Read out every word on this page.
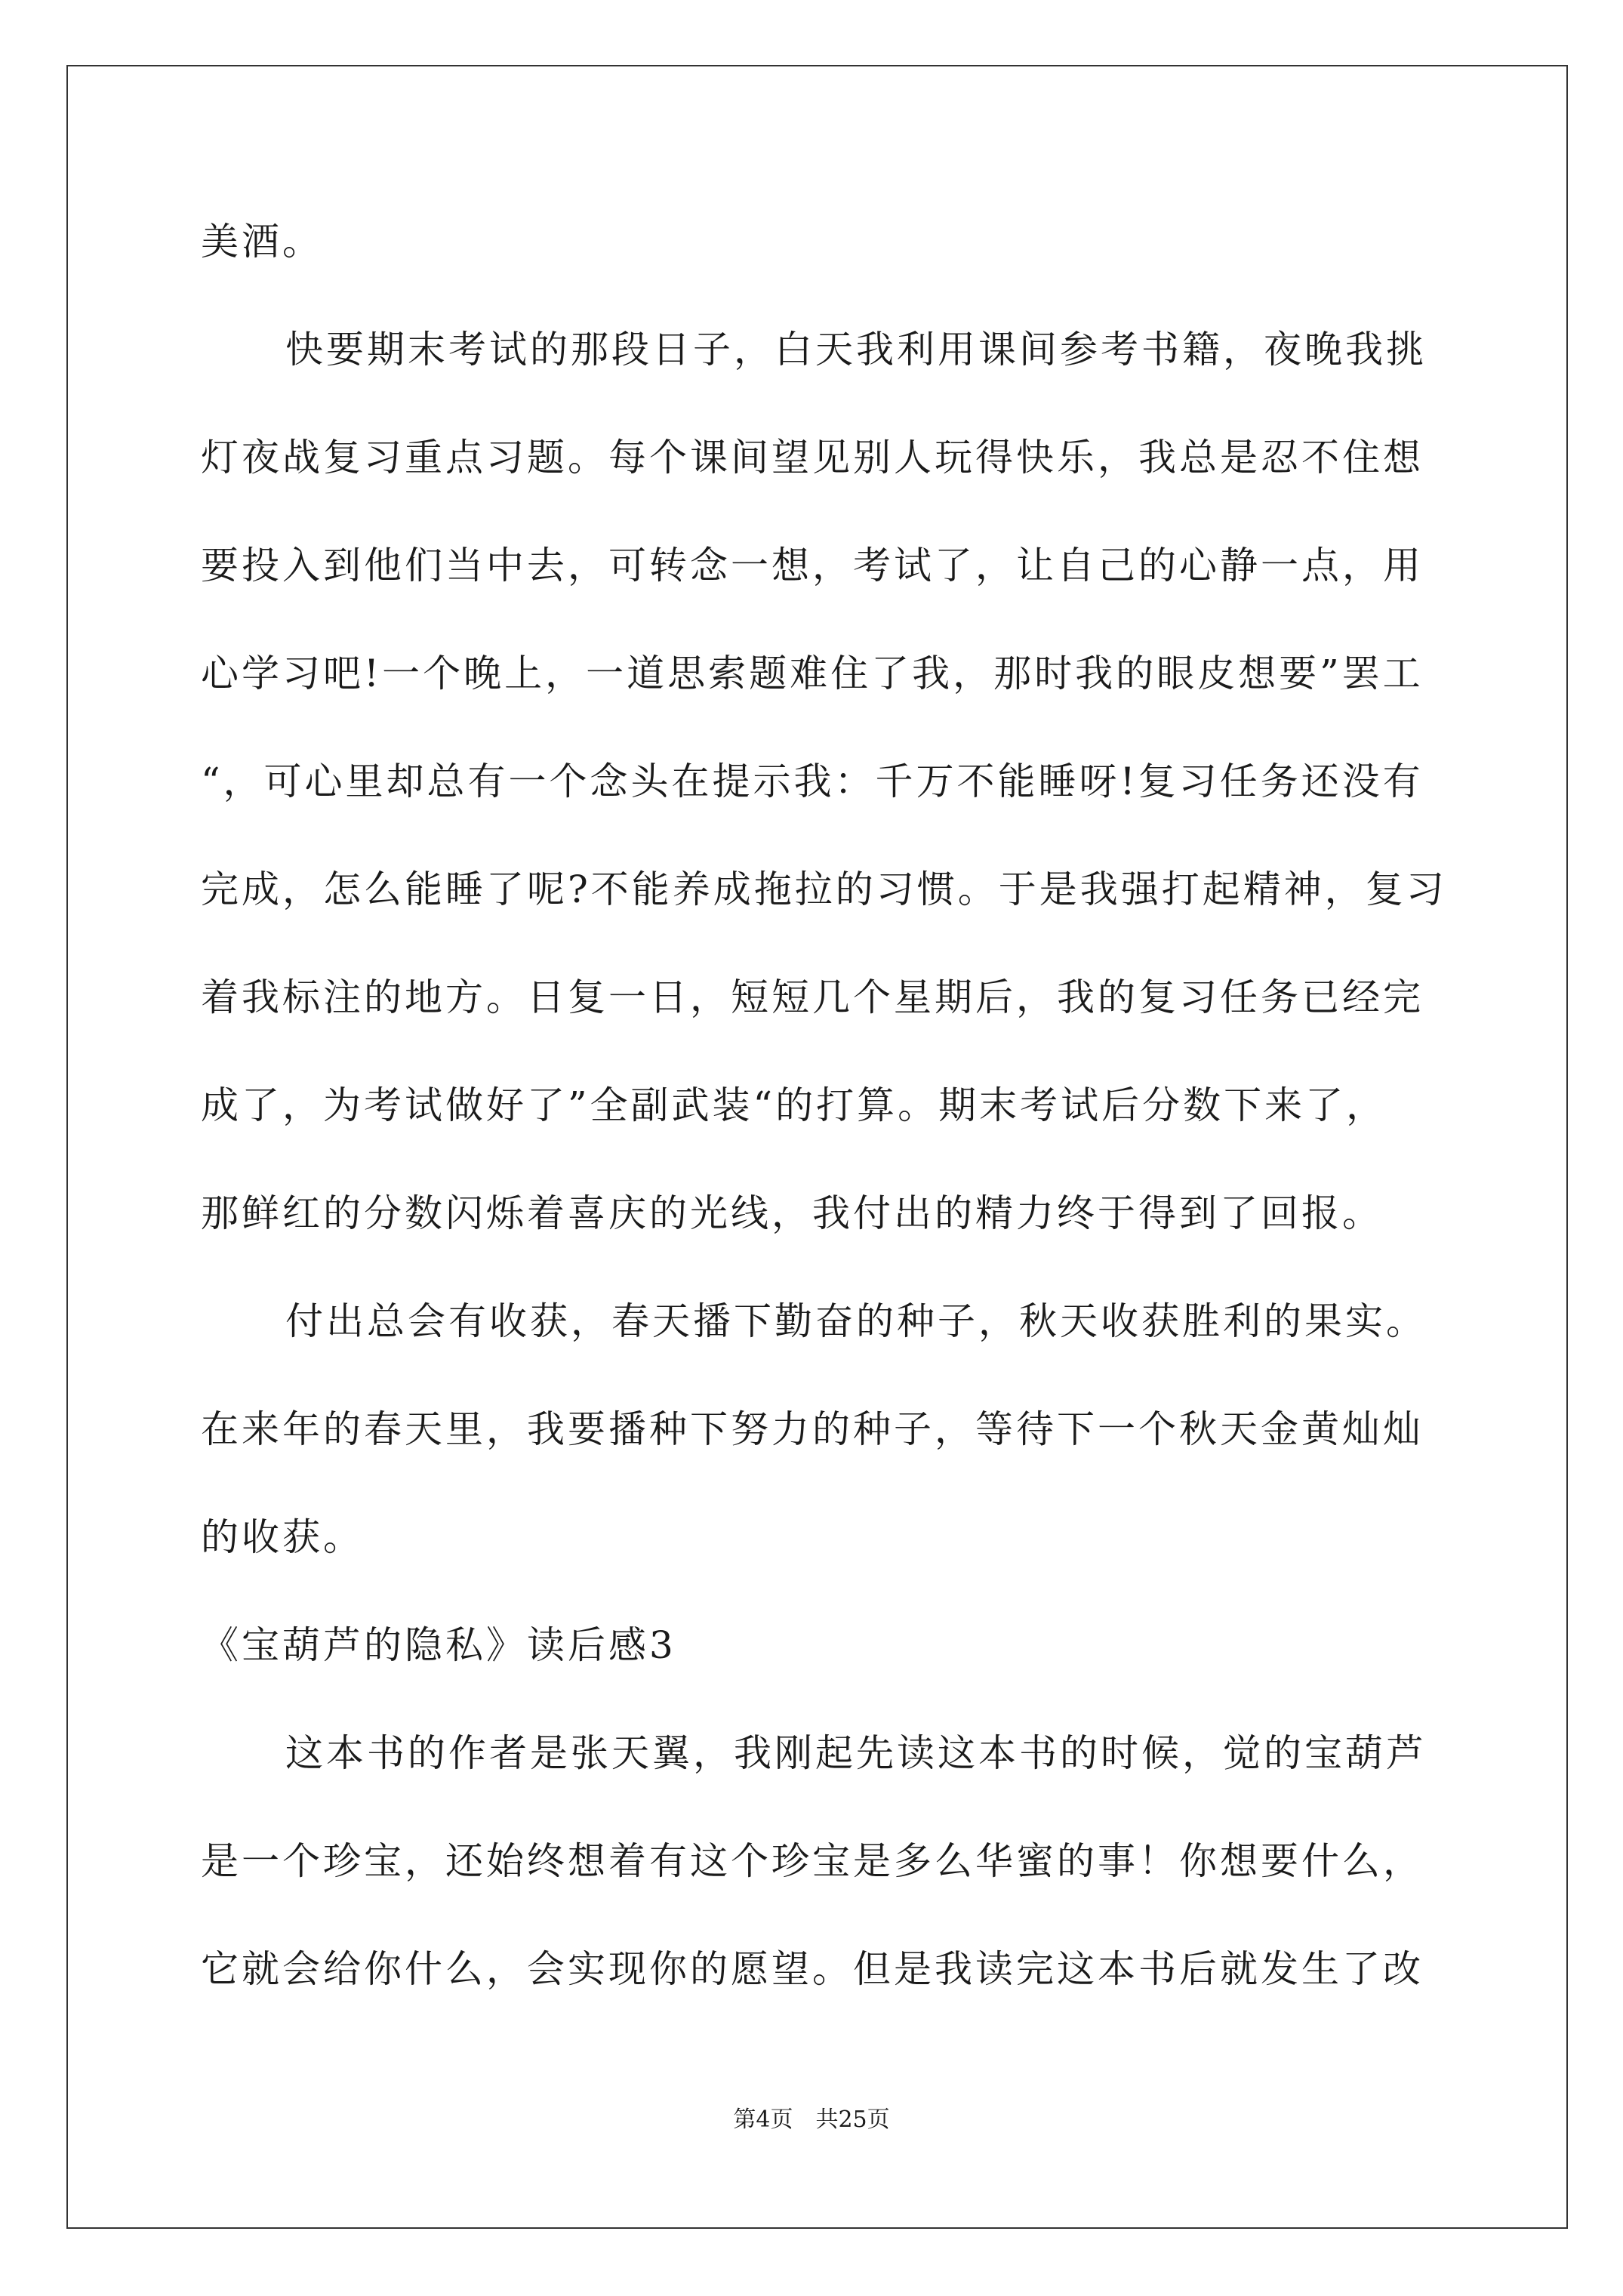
美酒。
快要期末考试的那段日子，白天我利用课间参考书籍，夜晚我挑
灯夜战复习重点习题。每个课间望见别人玩得快乐，我总是忍不住想
要投入到他们当中去，可转念一想，考试了，让自己的心静一点，用
心学习吧!一个晚上，一道思索题难住了我，那时我的眼皮想要”罢工
“，可心里却总有一个念头在提示我：千万不能睡呀!复习任务还没有
完成，怎么能睡了呢?不能养成拖拉的习惯。于是我强打起精神，复习
着我标注的地方。日复一日，短短几个星期后，我的复习任务已经完
成了，为考试做好了”全副武装“的打算。期末考试后分数下来了，
那鲜红的分数闪烁着喜庆的光线，我付出的精力终于得到了回报。
付出总会有收获，春天播下勤奋的种子，秋天收获胜利的果实。
在来年的春天里，我要播种下努力的种子，等待下一个秋天金黄灿灿
的收获。
《宝葫芦的隐私》读后感3
这本书的作者是张天翼，我刚起先读这本书的时候，觉的宝葫芦
是一个珍宝，还始终想着有这个珍宝是多么华蜜的事！你想要什么，
它就会给你什么，会实现你的愿望。但是我读完这本书后就发生了改
第4页　共25页
